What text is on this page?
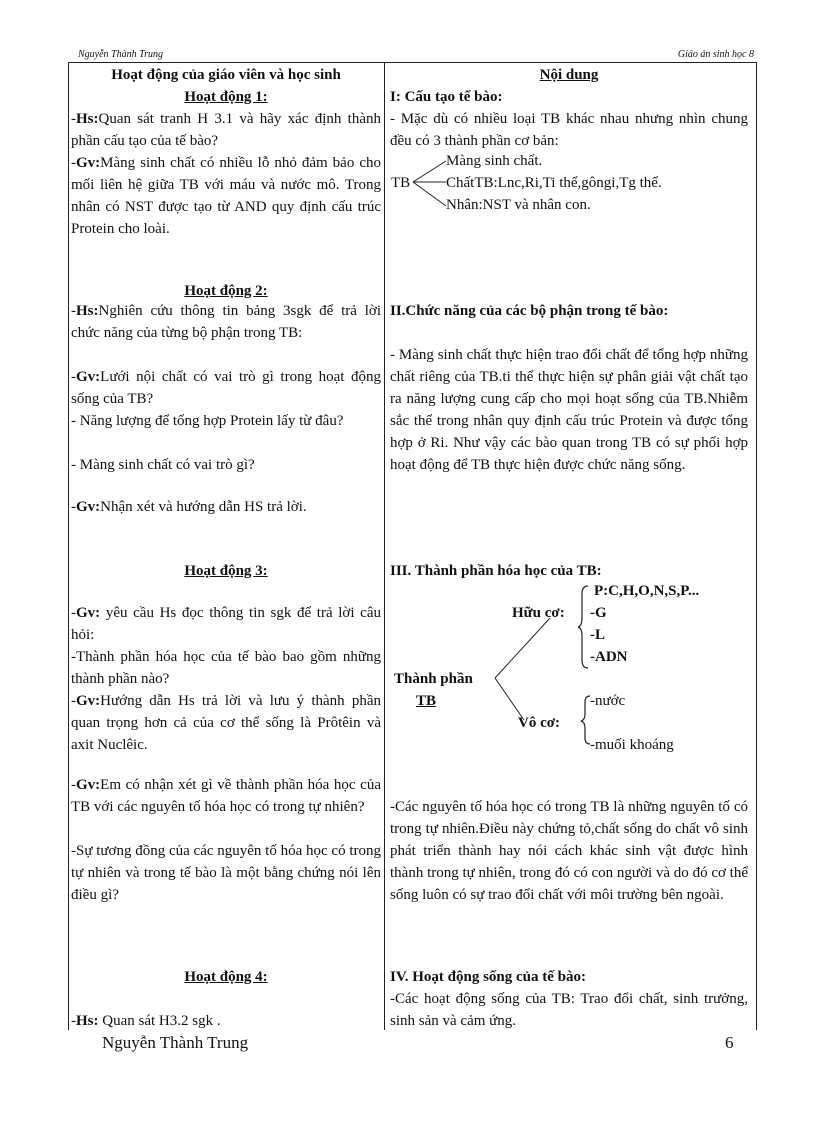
Nguyễn Thành Trung	Giáo án sinh học 8
Hoạt động của giáo viên và học sinh	Nội dung
Hoạt động 1:
-Hs:Quan sát tranh H 3.1 và hãy xác định thành phần cấu tạo của tế bào?
-Gv:Màng sinh chất có nhiều lỗ nhỏ đảm bảo cho mối liên hệ giữa TB với máu và nước mô. Trong nhân có NST được tạo từ AND quy định cấu trúc Protein cho loài.
Hoạt động 2:
-Hs:Nghiên cứu thông tin bảng 3sgk để trả lời chức năng của từng bộ phận trong TB:
-Gv:Lưới nội chất có vai trò gì trong hoạt động sống của TB?
- Năng lượng để tổng hợp Protein lấy từ đâu?
- Màng sinh chất có vai trò gì?
-Gv:Nhận xét và hướng dẫn HS trả lời.
Hoạt động 3:
-Gv: yêu cầu Hs đọc thông tin sgk để trả lời câu hỏi:
-Thành phần hóa học của tế bào bao gồm những thành phần nào?
-Gv:Hướng dẫn Hs trả lời và lưu ý thành phần quan trọng hơn cả của cơ thể sống là Prôtêin và axit Nuclêic.
-Gv:Em có nhận xét gì về thành phần hóa học của TB với các nguyên tố hóa học có trong tự nhiên?
-Sự tương đồng của các nguyên tố hóa học có trong tự nhiên và trong tế bào là một bằng chứng nói lên điều gì?
Hoạt động 4:
-Hs: Quan sát H3.2 sgk .
I: Cấu tạo tế bào:
- Mặc dù có nhiều loại TB khác nhau nhưng nhìn chung đều có 3 thành phần cơ bản:
TB
Màng sinh chất.
ChấtTB:Lnc,Ri,Ti thể,gôngi,Tg thể.
Nhân:NST và nhân con.
II.Chức năng của các bộ phận trong tế bào:
- Màng sinh chất thực hiện trao đổi chất để tổng hợp những chất riêng của TB.ti thể thực hiện sự phân giải vật chất tạo ra năng lượng cung cấp cho mọi hoạt sống của TB.Nhiễm sắc thể trong nhân quy định cấu trúc Protein và được tổng hợp ở Ri. Như vậy các bào quan trong TB có sự phối hợp hoạt động để TB thực hiện được chức năng sống.
III. Thành phần hóa học của TB:
P:C,H,O,N,S,P...
Hữu cơ: -G
-L
-ADN
Thành phần
TB
Vô cơ:
-nước
-muối khoáng
-Các nguyên tố hóa học có trong TB là những nguyên tố có trong tự nhiên.Điều này chứng tỏ,chất sống do chất vô sinh phát triển thành hay nói cách khác sinh vật được hình thành trong tự nhiên, trong đó có con người và do đó cơ thể sống luôn có sự trao đổi chất với môi trường bên ngoài.
IV. Hoạt động sống của tế bào:
-Các hoạt động sống của TB: Trao đổi chất, sinh trưởng, sinh sản và cảm ứng.
Nguyễn Thành Trung	6
